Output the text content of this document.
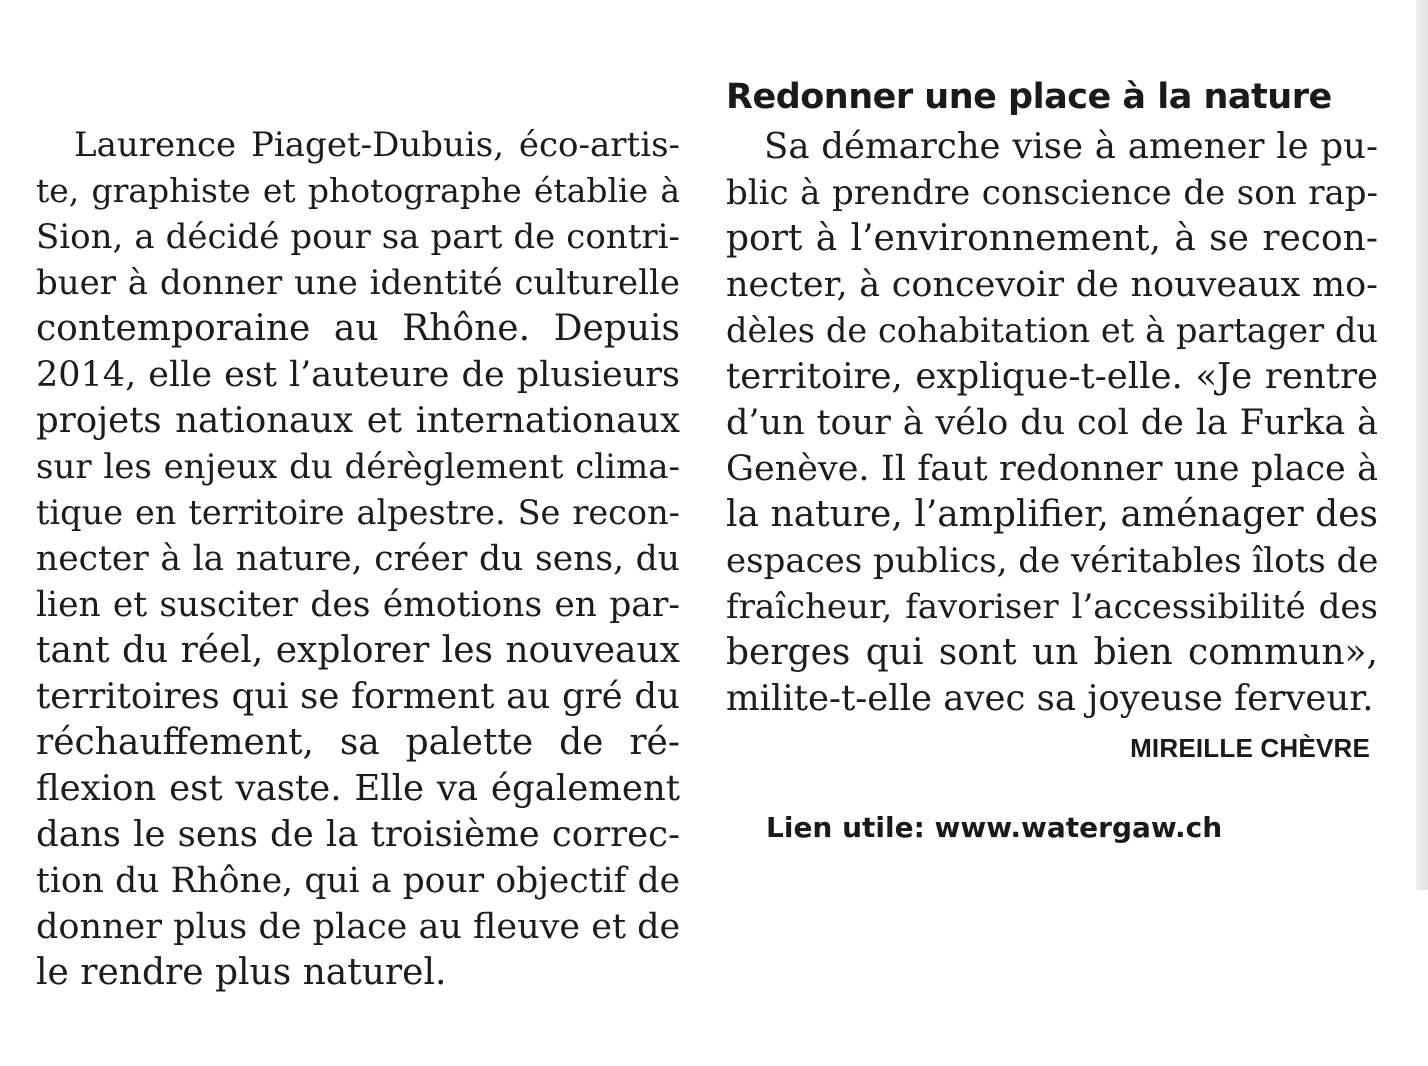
Laurence Piaget-Dubuis, éco-artis-
te, graphiste et photographe établie à
Sion, a décidé pour sa part de contri-
buer à donner une identité culturelle
contemporaine au Rhône. Depuis
2014, elle est l’auteure de plusieurs
projets nationaux et internationaux
sur les enjeux du dérèglement clima-
tique en territoire alpestre. Se recon-
necter à la nature, créer du sens, du
lien et susciter des émotions en par-
tant du réel, explorer les nouveaux
territoires qui se forment au gré du
réchauffement, sa palette de ré-
flexion est vaste. Elle va également
dans le sens de la troisième correc-
tion du Rhône, qui a pour objectif de
donner plus de place au fleuve et de
le rendre plus naturel.
Redonner une place à la nature
Sa démarche vise à amener le pu-
blic à prendre conscience de son rap-
port à l’environnement, à se recon-
necter, à concevoir de nouveaux mo-
dèles de cohabitation et à partager du
territoire, explique-t-elle. «Je rentre
d’un tour à vélo du col de la Furka à
Genève. Il faut redonner une place à
la nature, l’amplifier, aménager des
espaces publics, de véritables îlots de
fraîcheur, favoriser l’accessibilité des
berges qui sont un bien commun»,
milite-t-elle avec sa joyeuse ferveur.
MIREILLE CHÈVRE
Lien utile: www.watergaw.ch
